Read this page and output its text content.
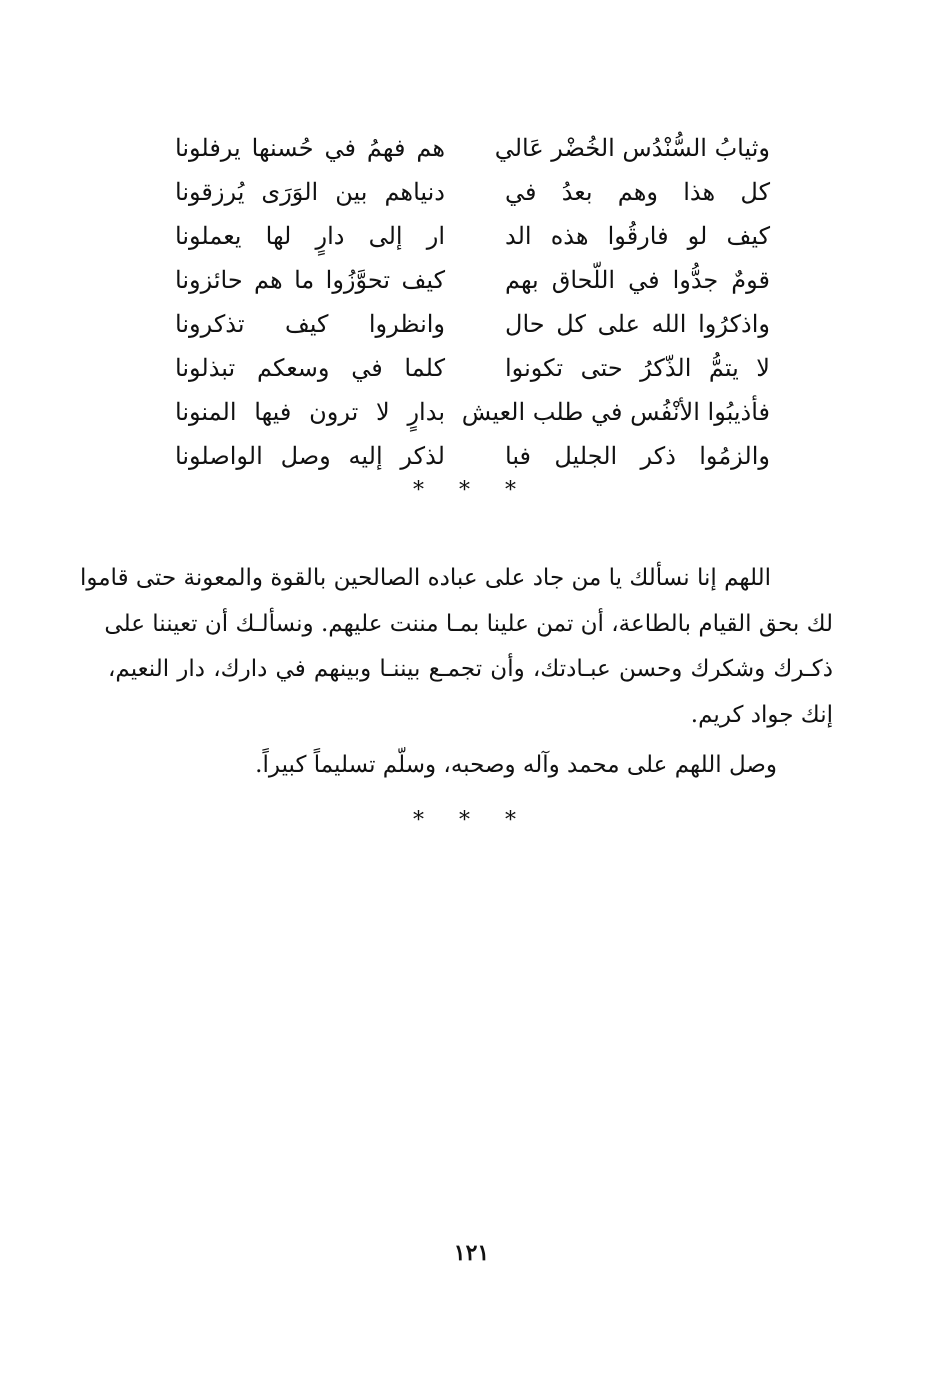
وثيابُ السُّنْدُس الخُضْر عَالي
هم فهمُ في حُسنها يرفلونا
كل هذا وهم بعدُ في
دنياهم بين الوَرَى يُرزقونا
كيف لو فارقُوا هذه الد
ار إلى دارٍ لها يعملونا
قومٌ جدُّوا في اللّحاق بهم
كيف تحوَّزُوا ما هم حائزونا
واذكرُوا الله على كل حال
وانظروا كيف تذكرونا
لا يتمُّ الذّكرُ حتى تكونوا
كلما في وسعكم تبذلونا
فأذيبُوا الأنْفُس في طلب العيش
بدارٍ لا ترون فيها المنونا
والزمُوا ذكر الجليل فبا
لذكر إليه وصل الواصلونا
* * *
اللهم إنا نسألك يا من جاد على عباده الصالحين بالقوة والمعونة حتى قاموا
لك بحق القيام بالطاعة، أن تمن علينا بمـا مننت عليهم. ونسألـك أن تعيننا على
ذكـرك وشكرك وحسن عبـادتك، وأن تجمـع بيننـا وبينهم في دارك، دار النعيم،
إنك جواد كريم.
وصل اللهم على محمد وآله وصحبه، وسلّم تسليماً كبيراً.
* * *
١٢١
